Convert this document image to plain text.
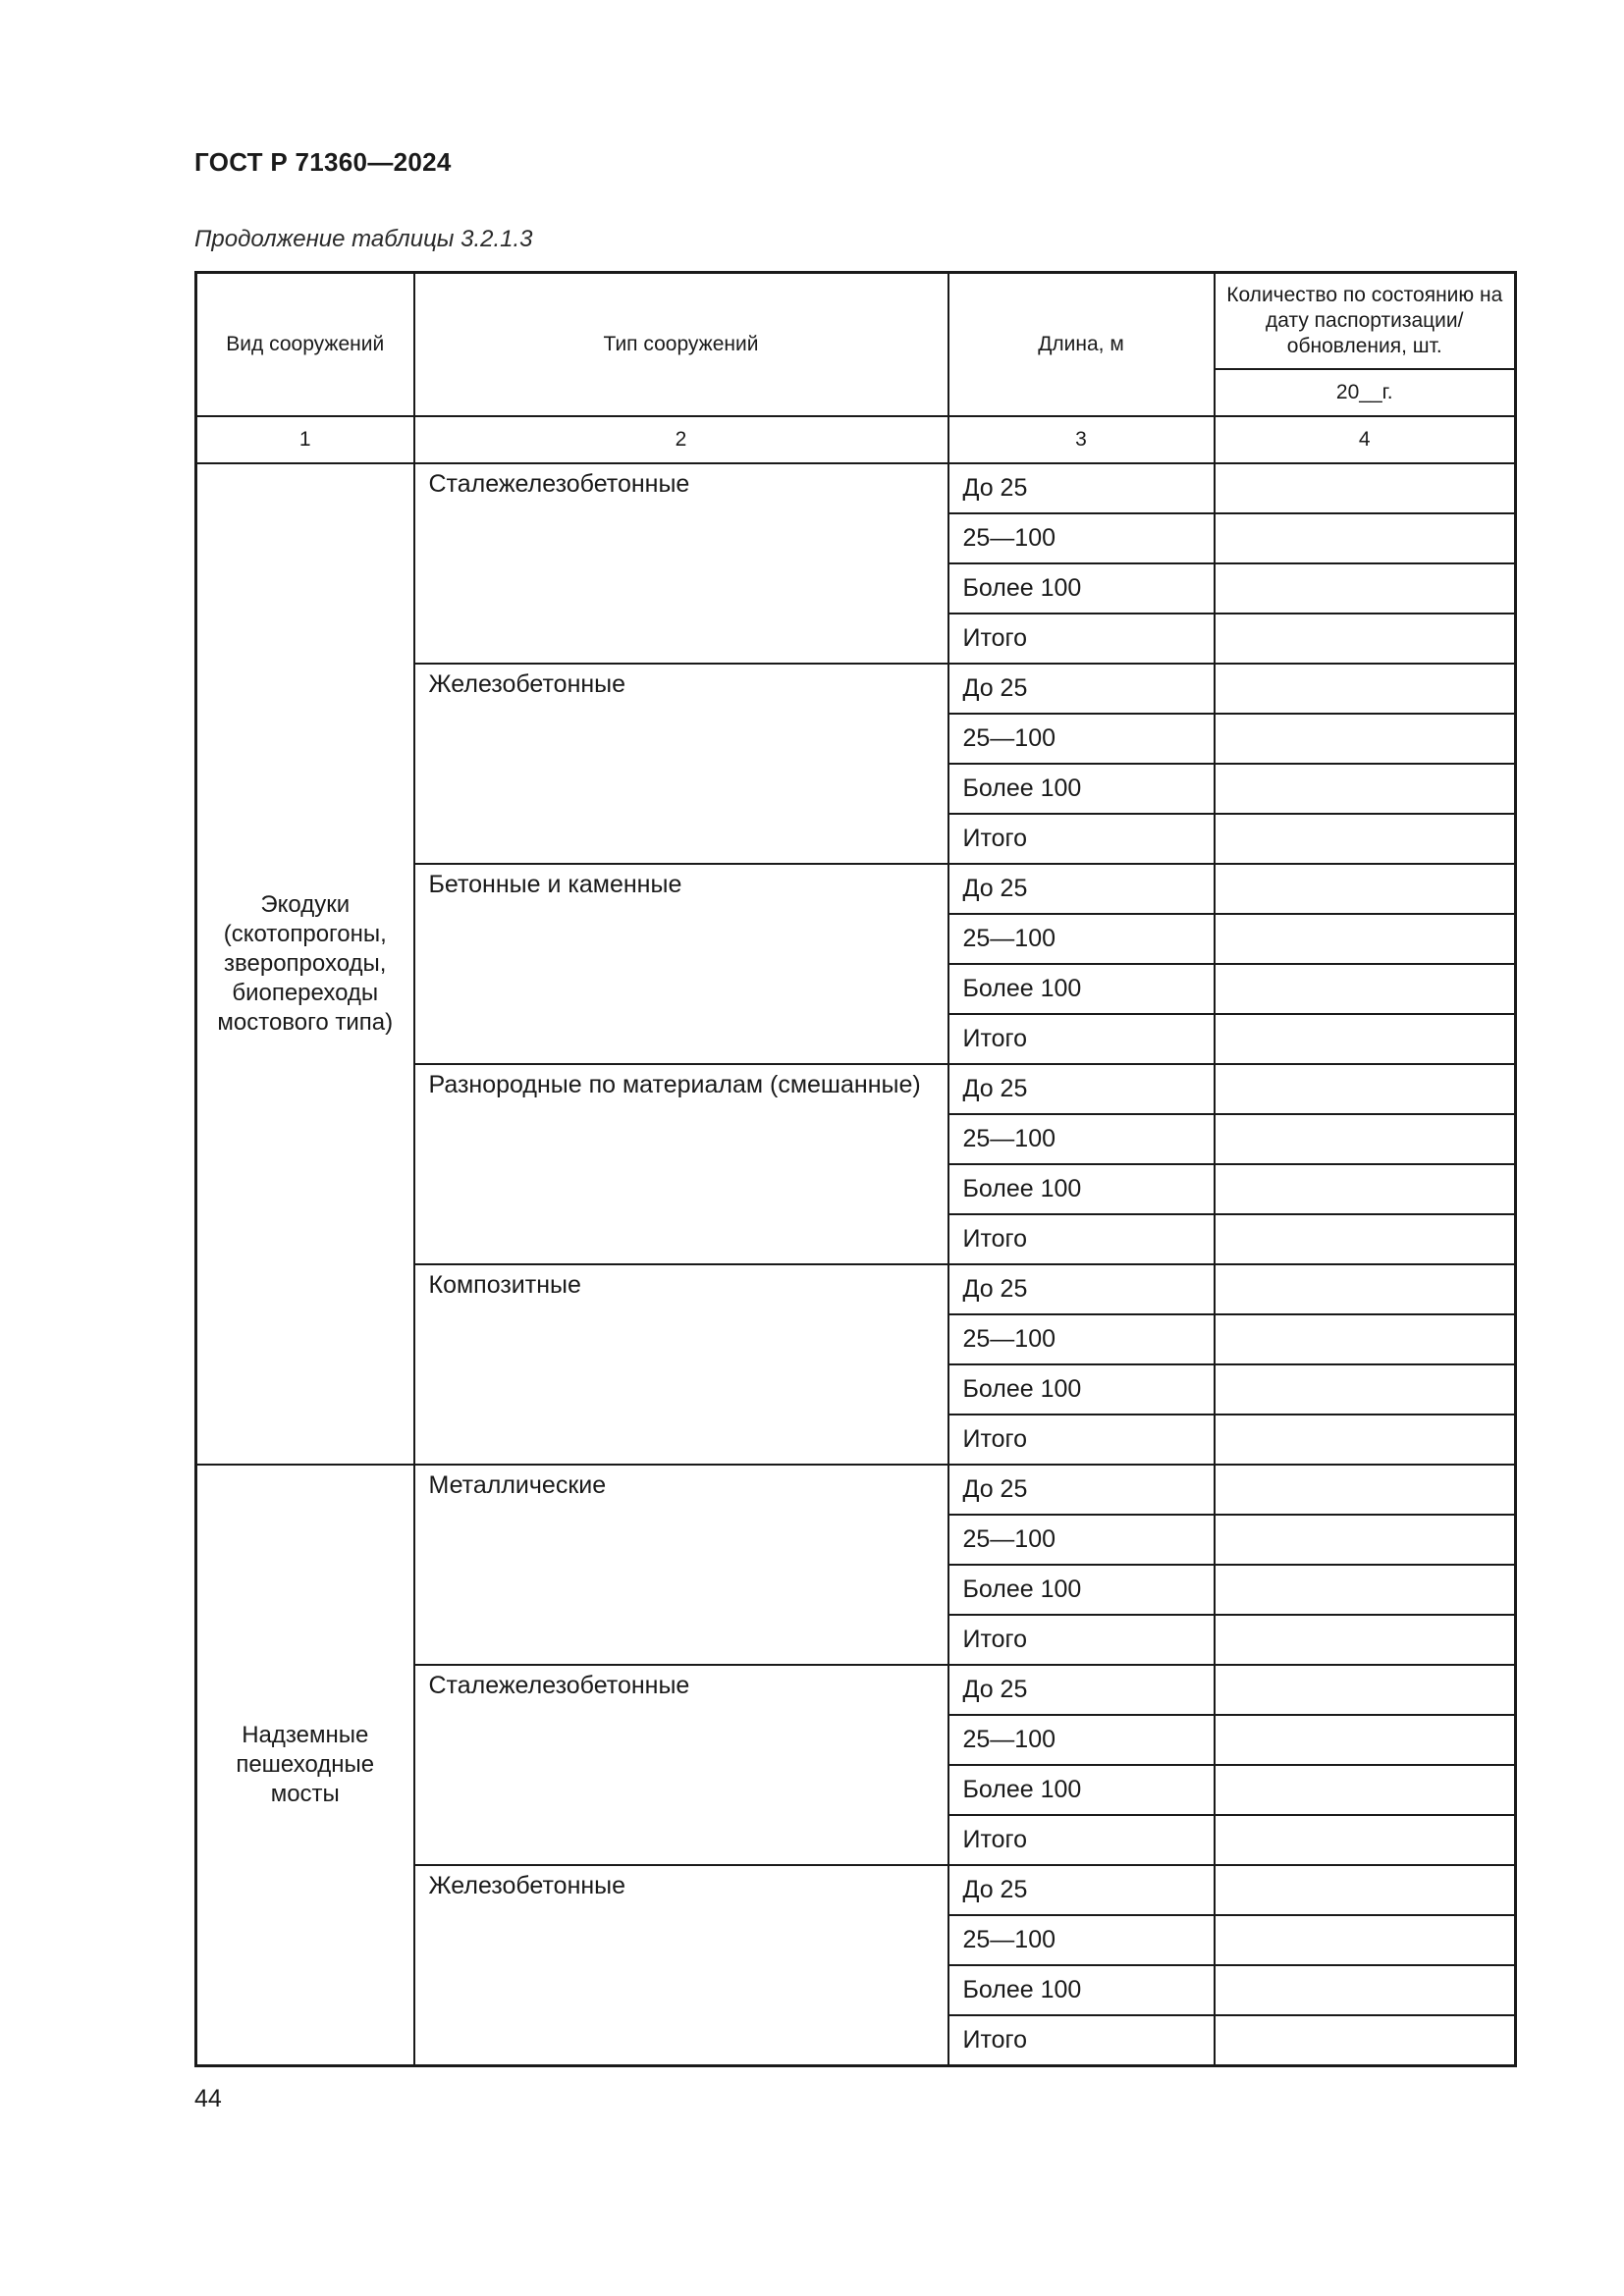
ГОСТ Р 71360—2024
Продолжение таблицы 3.2.1.3
Вид сооружений	Тип сооружений	Длина, м	Количество по состоянию на дату паспортизации/ обновления, шт.
			20__г.
1	2	3	4
Экодуки (скотопрогоны, зверопроходы, биопереходы мостового типа)	Сталежелезобетонные	До 25	
		25—100	
		Более 100	
		Итого	
	Железобетонные	До 25	
		25—100	
		Более 100	
		Итого	
	Бетонные и каменные	До 25	
		25—100	
		Более 100	
		Итого	
	Разнородные по материалам (смешанные)	До 25	
		25—100	
		Более 100	
		Итого	
	Композитные	До 25	
		25—100	
		Более 100	
		Итого	
Надземные пешеходные мосты	Металлические	До 25	
		25—100	
		Более 100	
		Итого	
	Сталежелезобетонные	До 25	
		25—100	
		Более 100	
		Итого	
	Железобетонные	До 25	
		25—100	
		Более 100	
		Итого	
44
